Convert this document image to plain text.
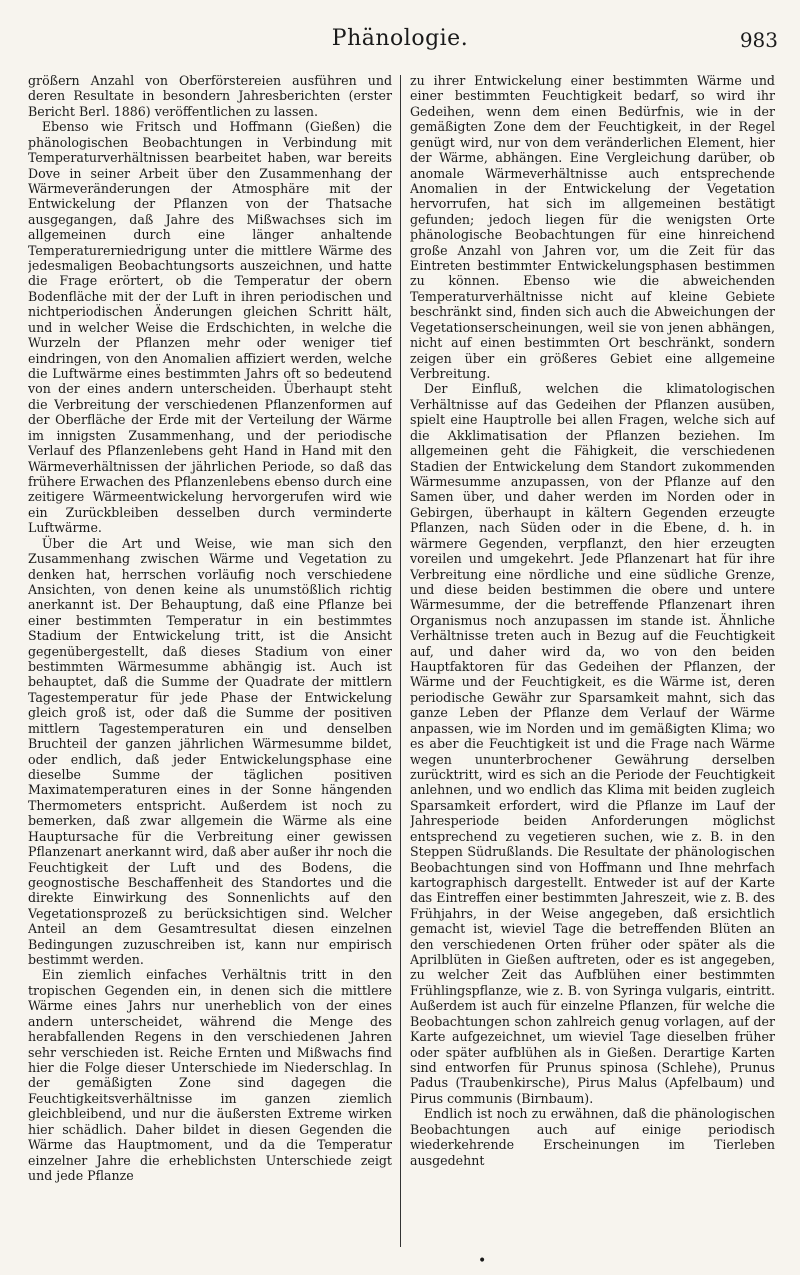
Phänologie.	983

größern Anzahl von Oberförstereien ausführen und deren Resultate in besondern Jahresberichten (erster Bericht Berl. 1886) veröffentlichen zu lassen.

Ebenso wie Fritsch und Hoffmann (Gießen) die phänologischen Beobachtungen in Verbindung mit Temperaturverhältnissen bearbeitet haben, war bereits Dove in seiner Arbeit über den Zusammenhang der Wärmeveränderungen der Atmosphäre mit der Entwickelung der Pflanzen von der Thatsache ausgegangen, daß Jahre des Mißwachses sich im allgemeinen durch eine länger anhaltende Temperaturerniedrigung unter die mittlere Wärme des jedesmaligen Beobachtungsorts auszeichnen, und hatte die Frage erörtert, ob die Temperatur der obern Bodenfläche mit der der Luft in ihren periodischen und nichtperiodischen Änderungen gleichen Schritt hält, und in welcher Weise die Erdschichten, in welche die Wurzeln der Pflanzen mehr oder weniger tief eindringen, von den Anomalien affiziert werden, welche die Luftwärme eines bestimmten Jahrs oft so bedeutend von der eines andern unterscheiden. Überhaupt steht die Verbreitung der verschiedenen Pflanzenformen auf der Oberfläche der Erde mit der Verteilung der Wärme im innigsten Zusammenhang, und der periodische Verlauf des Pflanzenlebens geht Hand in Hand mit den Wärmeverhältnissen der jährlichen Periode, so daß das frühere Erwachen des Pflanzenlebens ebenso durch eine zeitigere Wärmeentwickelung hervorgerufen wird wie ein Zurückbleiben desselben durch verminderte Luftwärme.

Über die Art und Weise, wie man sich den Zusammenhang zwischen Wärme und Vegetation zu denken hat, herrschen vorläufig noch verschiedene Ansichten, von denen keine als unumstößlich richtig anerkannt ist. Der Behauptung, daß eine Pflanze bei einer bestimmten Temperatur in ein bestimmtes Stadium der Entwickelung tritt, ist die Ansicht gegenübergestellt, daß dieses Stadium von einer bestimmten Wärmesumme abhängig ist. Auch ist behauptet, daß die Summe der Quadrate der mittlern Tagestemperatur für jede Phase der Entwickelung gleich groß ist, oder daß die Summe der positiven mittlern Tagestemperaturen ein und denselben Bruchteil der ganzen jährlichen Wärmesumme bildet, oder endlich, daß jeder Entwickelungsphase eine dieselbe Summe der täglichen positiven Maximatemperaturen eines in der Sonne hängenden Thermometers entspricht. Außerdem ist noch zu bemerken, daß zwar allgemein die Wärme als eine Hauptursache für die Verbreitung einer gewissen Pflanzenart anerkannt wird, daß aber außer ihr noch die Feuchtigkeit der Luft und des Bodens, die geognostische Beschaffenheit des Standortes und die direkte Einwirkung des Sonnenlichts auf den Vegetationsprozeß zu berücksichtigen sind. Welcher Anteil an dem Gesamtresultat diesen einzelnen Bedingungen zuzuschreiben ist, kann nur empirisch bestimmt werden.

Ein ziemlich einfaches Verhältnis tritt in den tropischen Gegenden ein, in denen sich die mittlere Wärme eines Jahrs nur unerheblich von der eines andern unterscheidet, während die Menge des herabfallenden Regens in den verschiedenen Jahren sehr verschieden ist. Reiche Ernten und Mißwachs find hier die Folge dieser Unterschiede im Niederschlag. In der gemäßigten Zone sind dagegen die Feuchtigkeitsverhältnisse im ganzen ziemlich gleichbleibend, und nur die äußersten Extreme wirken hier schädlich. Daher bildet in diesen Gegenden die Wärme das Hauptmoment, und da die Temperatur einzelner Jahre die erheblichsten Unterschiede zeigt und jede Pflanze

zu ihrer Entwickelung einer bestimmten Wärme und einer bestimmten Feuchtigkeit bedarf, so wird ihr Gedeihen, wenn dem einen Bedürfnis, wie in der gemäßigten Zone dem der Feuchtigkeit, in der Regel genügt wird, nur von dem veränderlichen Element, hier der Wärme, abhängen. Eine Vergleichung darüber, ob anomale Wärmeverhältnisse auch entsprechende Anomalien in der Entwickelung der Vegetation hervorrufen, hat sich im allgemeinen bestätigt gefunden; jedoch liegen für die wenigsten Orte phänologische Beobachtungen für eine hinreichend große Anzahl von Jahren vor, um die Zeit für das Eintreten bestimmter Entwickelungsphasen bestimmen zu können. Ebenso wie die abweichenden Temperaturverhältnisse nicht auf kleine Gebiete beschränkt sind, finden sich auch die Abweichungen der Vegetationserscheinungen, weil sie von jenen abhängen, nicht auf einen bestimmten Ort beschränkt, sondern zeigen über ein größeres Gebiet eine allgemeine Verbreitung.

Der Einfluß, welchen die klimatologischen Verhältnisse auf das Gedeihen der Pflanzen ausüben, spielt eine Hauptrolle bei allen Fragen, welche sich auf die Akklimatisation der Pflanzen beziehen. Im allgemeinen geht die Fähigkeit, die verschiedenen Stadien der Entwickelung dem Standort zukommenden Wärmesumme anzupassen, von der Pflanze auf den Samen über, und daher werden im Norden oder in Gebirgen, überhaupt in kältern Gegenden erzeugte Pflanzen, nach Süden oder in die Ebene, d. h. in wärmere Gegenden, verpflanzt, den hier erzeugten voreilen und umgekehrt. Jede Pflanzenart hat für ihre Verbreitung eine nördliche und eine südliche Grenze, und diese beiden bestimmen die obere und untere Wärmesumme, der die betreffende Pflanzenart ihren Organismus noch anzupassen im stande ist. Ähnliche Verhältnisse treten auch in Bezug auf die Feuchtigkeit auf, und daher wird da, wo von den beiden Hauptfaktoren für das Gedeihen der Pflanzen, der Wärme und der Feuchtigkeit, es die Wärme ist, deren periodische Gewähr zur Sparsamkeit mahnt, sich das ganze Leben der Pflanze dem Verlauf der Wärme anpassen, wie im Norden und im gemäßigten Klima; wo es aber die Feuchtigkeit ist und die Frage nach Wärme wegen ununterbrochener Gewährung derselben zurücktritt, wird es sich an die Periode der Feuchtigkeit anlehnen, und wo endlich das Klima mit beiden zugleich Sparsamkeit erfordert, wird die Pflanze im Lauf der Jahresperiode beiden Anforderungen möglichst entsprechend zu vegetieren suchen, wie z. B. in den Steppen Südrußlands. Die Resultate der phänologischen Beobachtungen sind von Hoffmann und Ihne mehrfach kartographisch dargestellt. Entweder ist auf der Karte das Eintreffen einer bestimmten Jahreszeit, wie z. B. des Frühjahrs, in der Weise angegeben, daß ersichtlich gemacht ist, wieviel Tage die betreffenden Blüten an den verschiedenen Orten früher oder später als die Aprilblüten in Gießen auftreten, oder es ist angegeben, zu welcher Zeit das Aufblühen einer bestimmten Frühlingspflanze, wie z. B. von Syringa vulgaris, eintritt. Außerdem ist auch für einzelne Pflanzen, für welche die Beobachtungen schon zahlreich genug vorlagen, auf der Karte aufgezeichnet, um wieviel Tage dieselben früher oder später aufblühen als in Gießen. Derartige Karten sind entworfen für Prunus spinosa (Schlehe), Prunus Padus (Traubenkirsche), Pirus Malus (Apfelbaum) und Pirus communis (Birnbaum).

Endlich ist noch zu erwähnen, daß die phänologischen Beobachtungen auch auf einige periodisch wiederkehrende Erscheinungen im Tierleben ausgedehnt

•
